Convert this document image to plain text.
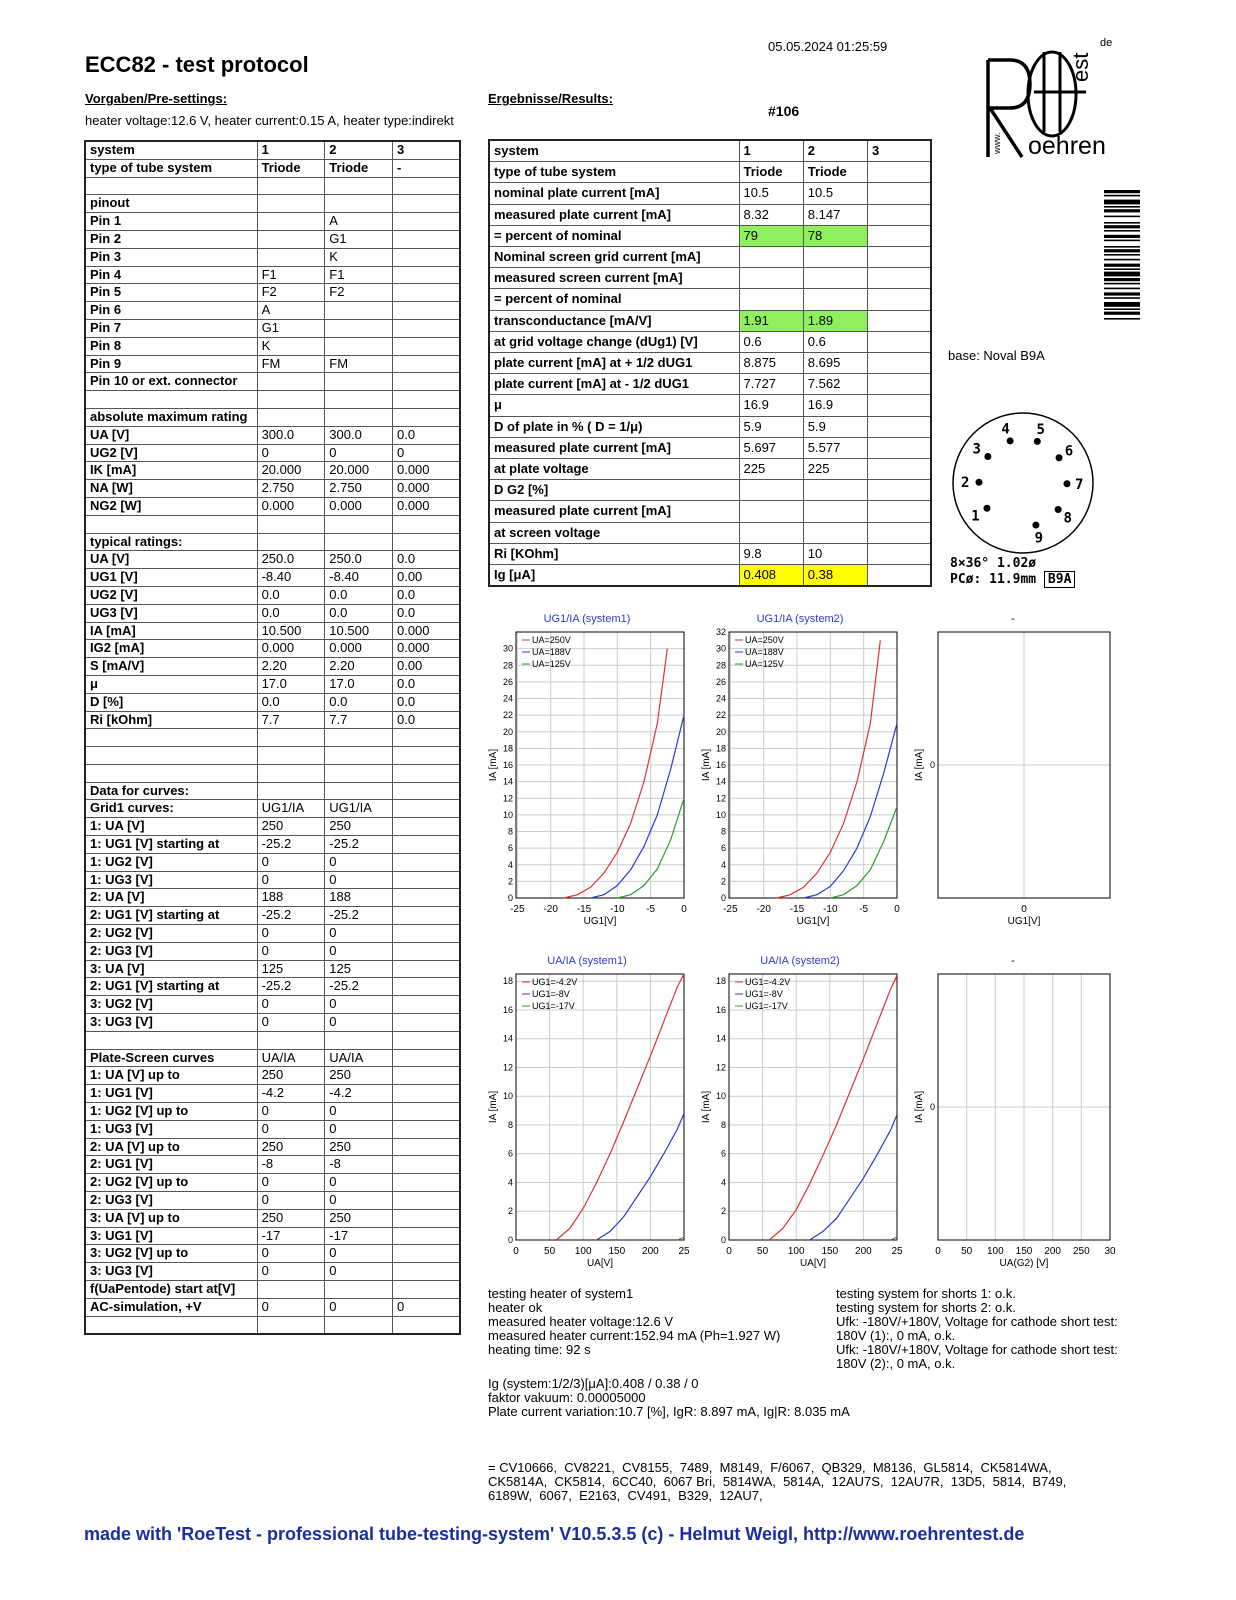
ECC82 - test protocol
05.05.2024 01:25:59
Vorgaben/Pre-settings:
heater voltage:12.6 V, heater current:0.15 A, heater type:indirekt
Ergebnisse/Results:
#106
est
de
oehren
www.
system	1	2	3
type of tube system	Triode	Triode	-

pinout			
Pin 1		A	
Pin 2		G1	
Pin 3		K	
Pin 4	F1	F1	
Pin 5	F2	F2	
Pin 6	A		
Pin 7	G1		
Pin 8	K		
Pin 9	FM	FM	
Pin 10 or ext. connector			

absolute maximum rating			
UA [V]	300.0	300.0	0.0
UG2 [V]	0	0	0
IK [mA]	20.000	20.000	0.000
NA [W]	2.750	2.750	0.000
NG2 [W]	0.000	0.000	0.000

typical ratings:			
UA [V]	250.0	250.0	0.0
UG1 [V]	-8.40	-8.40	0.00
UG2 [V]	0.0	0.0	0.0
UG3 [V]	0.0	0.0	0.0
IA [mA]	10.500	10.500	0.000
IG2 [mA]	0.000	0.000	0.000
S [mA/V]	2.20	2.20	0.00
μ	17.0	17.0	0.0
D [%]	0.0	0.0	0.0
Ri [kOhm]	7.7	7.7	0.0

Data for curves:			
Grid1 curves:	UG1/IA	UG1/IA	
1: UA [V]	250	250	
1: UG1 [V] starting at	-25.2	-25.2	
1: UG2 [V]	0	0	
1: UG3 [V]	0	0	
2: UA [V]	188	188	
2: UG1 [V] starting at	-25.2	-25.2	
2: UG2 [V]	0	0	
2: UG3 [V]	0	0	
3: UA [V]	125	125	
2: UG1 [V] starting at	-25.2	-25.2	
3: UG2 [V]	0	0	
3: UG3 [V]	0	0	

Plate-Screen curves	UA/IA	UA/IA	
1: UA [V] up to	250	250	
1: UG1 [V]	-4.2	-4.2	
1: UG2 [V] up to	0	0	
1: UG3 [V]	0	0	
2: UA [V] up to	250	250	
2: UG1 [V]	-8	-8	
2: UG2 [V] up to	0	0	
2: UG3 [V]	0	0	
3: UA [V] up to	250	250	
3: UG1 [V]	-17	-17	
3: UG2 [V] up to	0	0	
3: UG3 [V]	0	0	
f(UaPentode) start at[V]			
AC-simulation, +V	0	0	0

system	1	2	3
type of tube system	Triode	Triode	
nominal plate current [mA]	10.5	10.5	
measured plate current [mA]	8.32	8.147	
= percent of nominal	79	78	
Nominal screen grid current [mA]			
measured screen current [mA]			
= percent of nominal			
transconductance [mA/V]	1.91	1.89	
at grid voltage change (dUg1) [V]	0.6	0.6	
plate current [mA] at + 1/2 dUG1	8.875	8.695	
plate current [mA] at - 1/2 dUG1	7.727	7.562	
μ	16.9	16.9	
D of plate in % ( D = 1/μ)	5.9	5.9	
measured plate current [mA]	5.697	5.577	
at plate voltage	225	225	
D G2 [%]			
measured plate current [mA]			
at screen voltage			
Ri [KOhm]	9.8	10	
Ig [μA]	0.408	0.38	
base: Noval B9A
1
2
3
4 5
6
7
8
9
8×36° 1.02ø
PCø: 11.9mm B9A
UG1/IA (system1)
-25 -20 -15 -10 -5	0
0
2
4
6
8
10
12
14
16
18
20
22
24
26
28
30
UG1[V]
IA [mA]
UA=250V
UA=188V
UA=125V
UG1/IA (system2)
-25 -20 -15 -10 -5	0
0
2
4
6
8
10
12
14
16
18
20
22
24
26
28
30
32
UG1[V]
IA [mA]
UA=250V
UA=188V
UA=125V
-
0
0
UG1[V]
IA [mA]
UA/IA (system1)
0	50 100 150 200 25
0
2
4
6
8
10
12
14
16
18
UA[V]
IA [mA]
UG1=-4.2V
UG1=-8V
UG1=-17V
UA/IA (system2)
0	50 100 150 200 25
0
2
4
6
8
10
12
14
16
18
UA[V]
IA [mA]
UG1=-4.2V
UG1=-8V
UG1=-17V
-
0 50 100 150 200 250 30
0
UA(G2) [V]
IA [mA]
testing heater of system1
heater ok
measured heater voltage:12.6 V
measured heater current:152.94 mA (Ph=1.927 W)
heating time: 92 s
testing system for shorts 1: o.k.
testing system for shorts 2: o.k.
Ufk: -180V/+180V, Voltage for cathode short test:
180V (1):, 0 mA, o.k.
Ufk: -180V/+180V, Voltage for cathode short test:
180V (2):, 0 mA, o.k.
Ig (system:1/2/3)[μA]:0.408 / 0.38 / 0
faktor vakuum: 0.00005000
Plate current variation:10.7 [%], IgR: 8.897 mA, Ig|R: 8.035 mA
= CV10666,  CV8221,  CV8155,  7489,  M8149,  F/6067,  QB329,  M8136,  GL5814,  CK5814WA,
CK5814A,  CK5814,  6CC40,  6067 Bri,  5814WA,  5814A,  12AU7S,  12AU7R,  13D5,  5814,  B749,
6189W,  6067,  E2163,  CV491,  B329,  12AU7,
made with 'RoeTest - professional tube-testing-system' V10.5.3.5 (c) - Helmut Weigl, http://www.roehrentest.de
